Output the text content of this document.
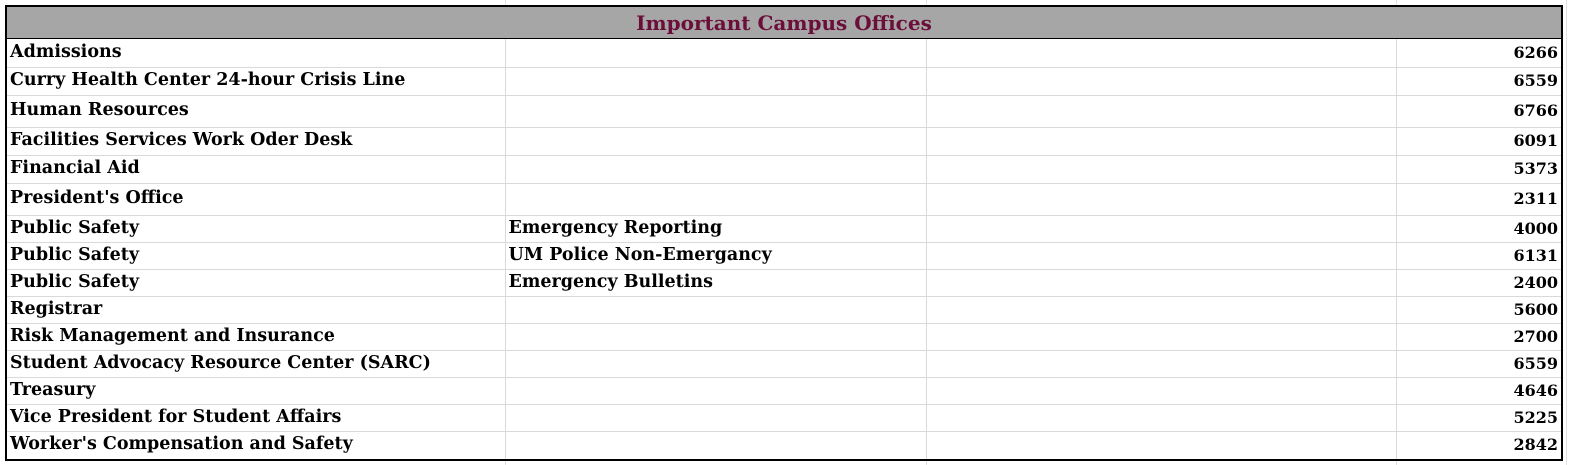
Important Campus Offices
Admissions			6266
Curry Health Center 24-hour Crisis Line			6559
Human Resources			6766
Facilities Services Work Oder Desk			6091
Financial Aid			5373
President's Office			2311
Public Safety	Emergency Reporting		4000
Public Safety	UM Police Non-Emergancy		6131
Public Safety	Emergency Bulletins		2400
Registrar			5600
Risk Management and Insurance			2700
Student Advocacy Resource Center (SARC)			6559
Treasury			4646
Vice President for Student Affairs			5225
Worker's Compensation and Safety			2842
